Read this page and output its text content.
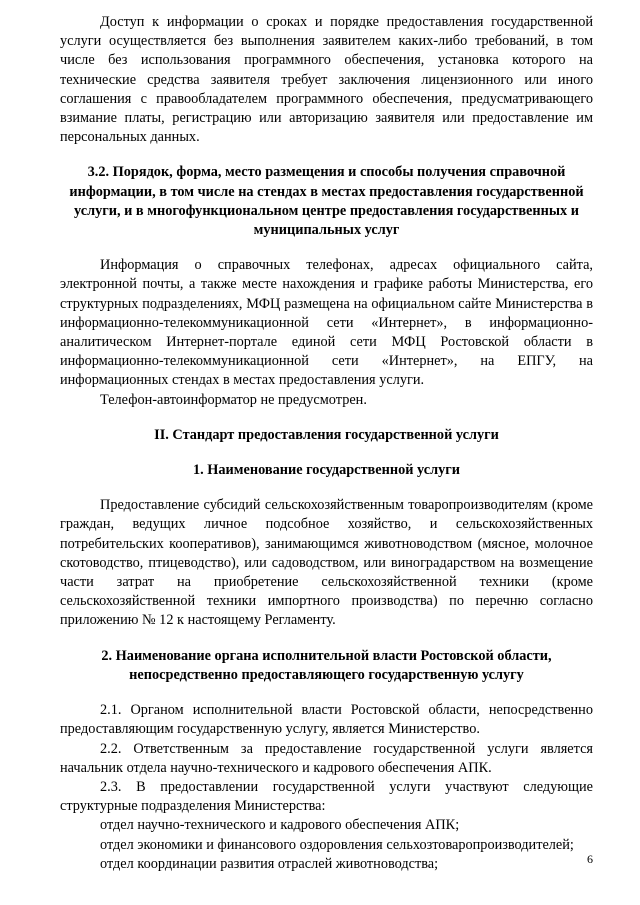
Доступ к информации о сроках и порядке предоставления государственной услуги осуществляется без выполнения заявителем каких-либо требований, в том числе без использования программного обеспечения, установка которого на технические средства заявителя требует заключения лицензионного или иного соглашения с правообладателем программного обеспечения, предусматривающего взимание платы, регистрацию или авторизацию заявителя или предоставление им персональных данных.

3.2. Порядок, форма, место размещения и способы получения справочной информации, в том числе на стендах в местах предоставления государственной услуги, и в многофункциональном центре предоставления государственных и муниципальных услуг

Информация о справочных телефонах, адресах официального сайта, электронной почты, а также месте нахождения и графике работы Министерства, его структурных подразделениях, МФЦ размещена на официальном сайте Министерства в информационно-телекоммуникационной сети «Интернет», в информационно-аналитическом Интернет-портале единой сети МФЦ Ростовской области в информационно-телекоммуникационной сети «Интернет», на ЕПГУ, на информационных стендах в местах предоставления услуги.

Телефон-автоинформатор не предусмотрен.

II. Стандарт предоставления государственной услуги

1. Наименование государственной услуги

Предоставление субсидий сельскохозяйственным товаропроизводителям (кроме граждан, ведущих личное подсобное хозяйство, и сельскохозяйственных потребительских кооперативов), занимающимся животноводством (мясное, молочное скотоводство, птицеводство), или садоводством, или виноградарством на возмещение части затрат на приобретение сельскохозяйственной техники (кроме сельскохозяйственной техники импортного производства) по перечню согласно приложению № 12 к настоящему Регламенту.

2. Наименование органа исполнительной власти Ростовской области, непосредственно предоставляющего государственную услугу

2.1. Органом исполнительной власти Ростовской области, непосредственно предоставляющим государственную услугу, является Министерство.

2.2. Ответственным за предоставление государственной услуги является начальник отдела научно-технического и кадрового обеспечения АПК.

2.3. В предоставлении государственной услуги участвуют следующие структурные подразделения Министерства:

отдел научно-технического и кадрового обеспечения АПК;

отдел экономики и финансового оздоровления сельхозтоваропроизводителей;

отдел координации развития отраслей животноводства;	6
